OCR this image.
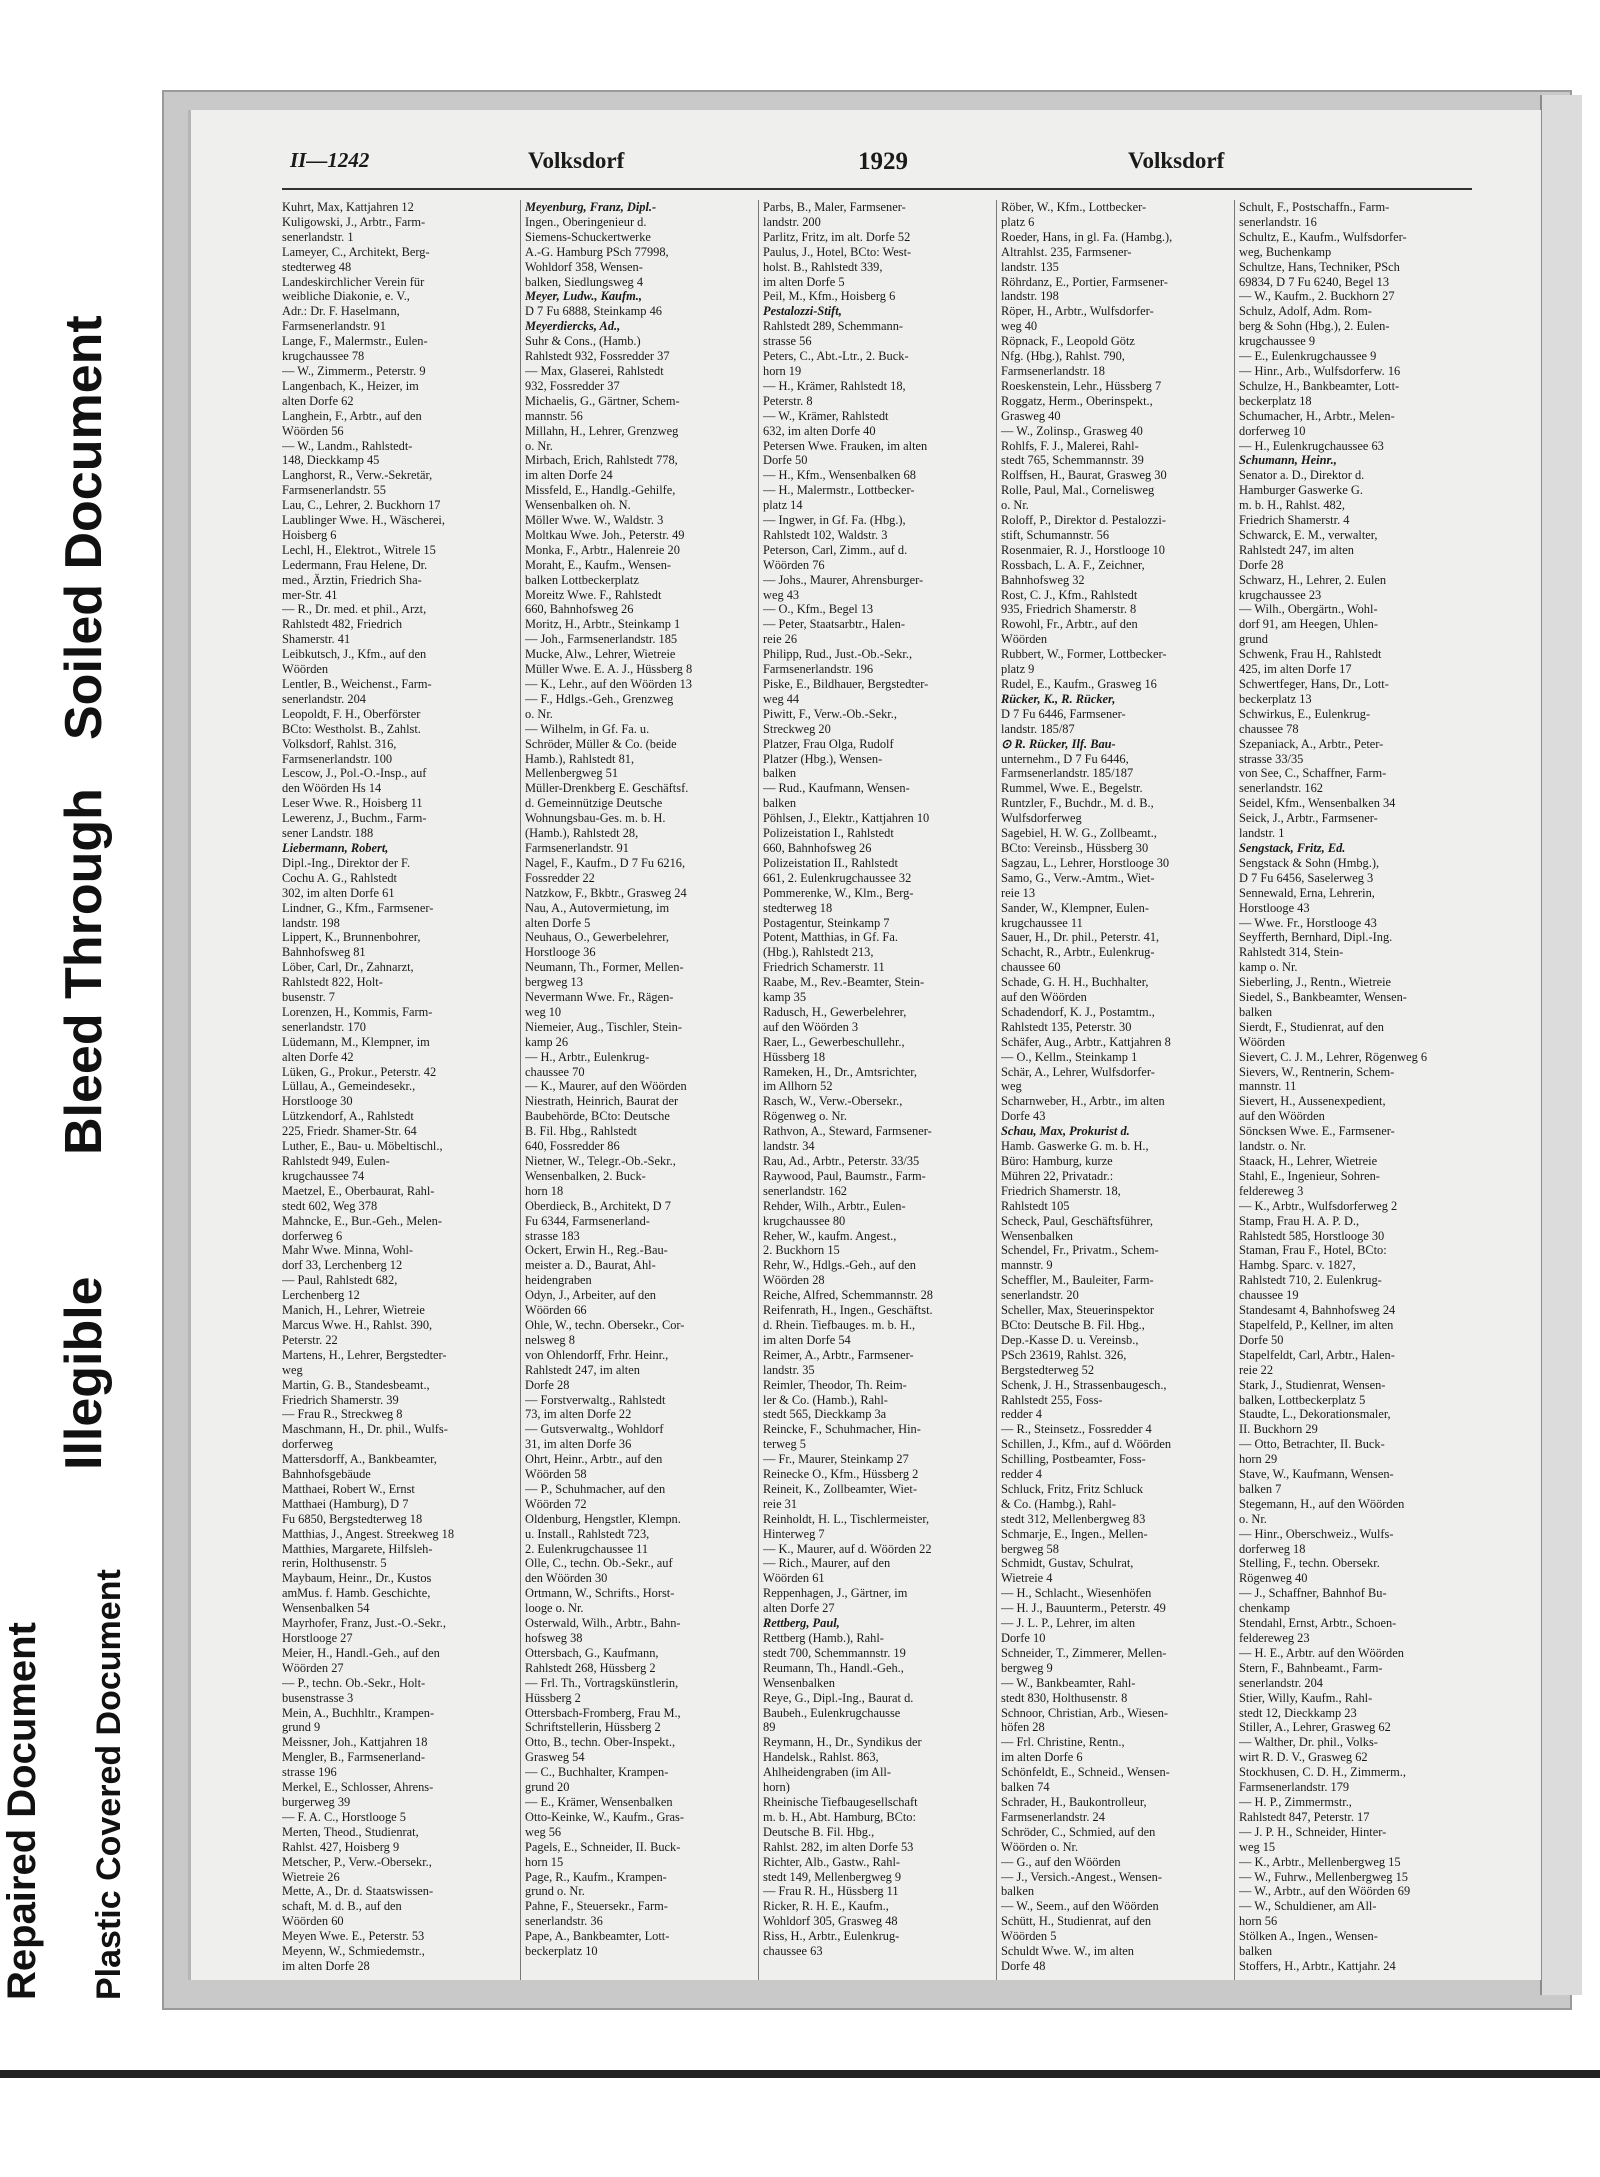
Repaired Document Plastic Covered Document
Illegible
Bleed Through
Soiled Document
II—1242	Volksdorf	1929	Volksdorf
Kuhrt, Max, Kattjahren 12
Kuligowski, J., Arbtr., Farm-
senerlandstr. 1
Lameyer, C., Architekt, Berg-
stedterweg 48
Landeskirchlicher Verein für
weibliche Diakonie, e. V.,
Adr.: Dr. F. Haselmann,
Farmsenerlandstr. 91
Lange, F., Malermstr., Eulen-
krugchaussee 78
— W., Zimmerm., Peterstr. 9
Langenbach, K., Heizer, im
alten Dorfe 62
Langhein, F., Arbtr., auf den
Wöörden 56
— W., Landm., Rahlstedt-
148, Dieckkamp 45
Langhorst, R., Verw.-Sekretär,
Farmsenerlandstr. 55
Lau, C., Lehrer, 2. Buckhorn 17
Laublinger Wwe. H., Wäscherei,
Hoisberg 6
Lechl, H., Elektrot., Witrele 15
Ledermann, Frau Helene, Dr.
med., Ärztin, Friedrich Sha-
mer-Str. 41
— R., Dr. med. et phil., Arzt,
Rahlstedt 482, Friedrich
Shamerstr. 41
Leibkutsch, J., Kfm., auf den
Wöörden
Lentler, B., Weichenst., Farm-
senerlandstr. 204
Leopoldt, F. H., Oberförster
BCto: Westholst. B., Zahlst.
Volksdorf, Rahlst. 316,
Farmsenerlandstr. 100
Lescow, J., Pol.-O.-Insp., auf
den Wöörden Hs 14
Leser Wwe. R., Hoisberg 11
Lewerenz, J., Buchm., Farm-
sener Landstr. 188
Liebermann, Robert,
Dipl.-Ing., Direktor der F.
Cochu A. G., Rahlstedt
302, im alten Dorfe 61
Lindner, G., Kfm., Farmsener-
landstr. 198
Lippert, K., Brunnenbohrer,
Bahnhofsweg 81
Löber, Carl, Dr., Zahnarzt,
Rahlstedt 822, Holt-
busenstr. 7
Lorenzen, H., Kommis, Farm-
senerlandstr. 170
Lüdemann, M., Klempner, im
alten Dorfe 42
Lüken, G., Prokur., Peterstr. 42
Lüllau, A., Gemeindesekr.,
Horstlooge 30
Lützkendorf, A., Rahlstedt
225, Friedr. Shamer-Str. 64
Luther, E., Bau- u. Möbeltischl.,
Rahlstedt 949, Eulen-
krugchaussee 74
Maetzel, E., Oberbaurat, Rahl-
stedt 602, Weg 378
Mahncke, E., Bur.-Geh., Melen-
dorferweg 6
Mahr Wwe. Minna, Wohl-
dorf 33, Lerchenberg 12
— Paul, Rahlstedt 682,
Lerchenberg 12
Manich, H., Lehrer, Wietreie
Marcus Wwe. H., Rahlst. 390,
Peterstr. 22
Martens, H., Lehrer, Bergstedter-
weg
Martin, G. B., Standesbeamt.,
Friedrich Shamerstr. 39
— Frau R., Streckweg 8
Maschmann, H., Dr. phil., Wulfs-
dorferweg
Mattersdorff, A., Bankbeamter,
Bahnhofsgebäude
Matthaei, Robert W., Ernst
Matthaei (Hamburg), D 7
Fu 6850, Bergstedterweg 18
Matthias, J., Angest. Streekweg 18
Matthies, Margarete, Hilfsleh-
rerin, Holthusenstr. 5
Maybaum, Heinr., Dr., Kustos
amMus. f. Hamb. Geschichte,
Wensenbalken 54
Mayrhofer, Franz, Just.-O.-Sekr.,
Horstlooge 27
Meier, H., Handl.-Geh., auf den
Wöörden 27
— P., techn. Ob.-Sekr., Holt-
busenstrasse 3
Mein, A., Buchhltr., Krampen-
grund 9
Meissner, Joh., Kattjahren 18
Mengler, B., Farmsenerland-
strasse 196
Merkel, E., Schlosser, Ahrens-
burgerweg 39
— F. A. C., Horstlooge 5
Merten, Theod., Studienrat,
Rahlst. 427, Hoisberg 9
Metscher, P., Verw.-Obersekr.,
Wietreie 26
Mette, A., Dr. d. Staatswissen-
schaft, M. d. B., auf den
Wöörden 60
Meyen Wwe. E., Peterstr. 53
Meyenn, W., Schmiedemstr.,
im alten Dorfe 28
Meyenburg, Franz, Dipl.-
Ingen., Oberingenieur d.
Siemens-Schuckertwerke
A.-G. Hamburg PSch 77998,
Wohldorf 358, Wensen-
balken, Siedlungsweg 4
Meyer, Ludw., Kaufm.,
D 7 Fu 6888, Steinkamp 46
Meyerdiercks, Ad.,
Suhr & Cons., (Hamb.)
Rahlstedt 932, Fossredder 37
— Max, Glaserei, Rahlstedt
932, Fossredder 37
Michaelis, G., Gärtner, Schem-
mannstr. 56
Millahn, H., Lehrer, Grenzweg
o. Nr.
Mirbach, Erich, Rahlstedt 778,
im alten Dorfe 24
Missfeld, E., Handlg.-Gehilfe,
Wensenbalken oh. N.
Möller Wwe. W., Waldstr. 3
Moltkau Wwe. Joh., Peterstr. 49
Monka, F., Arbtr., Halenreie 20
Moraht, E., Kaufm., Wensen-
balken Lottbeckerplatz
Moreitz Wwe. F., Rahlstedt
660, Bahnhofsweg 26
Moritz, H., Arbtr., Steinkamp 1
— Joh., Farmsenerlandstr. 185
Mucke, Alw., Lehrer, Wietreie
Müller Wwe. E. A. J., Hüssberg 8
— K., Lehr., auf den Wöörden 13
— F., Hdlgs.-Geh., Grenzweg
o. Nr.
— Wilhelm, in Gf. Fa. u.
Schröder, Müller & Co. (beide
Hamb.), Rahlstedt 81,
Mellenbergweg 51
Müller-Drenkberg E. Geschäftsf.
d. Gemeinnützige Deutsche
Wohnungsbau-Ges. m. b. H.
(Hamb.), Rahlstedt 28,
Farmsenerlandstr. 91
Nagel, F., Kaufm., D 7 Fu 6216,
Fossredder 22
Natzkow, F., Bkbtr., Grasweg 24
Nau, A., Autovermietung, im
alten Dorfe 5
Neuhaus, O., Gewerbelehrer,
Horstlooge 36
Neumann, Th., Former, Mellen-
bergweg 13
Nevermann Wwe. Fr., Rägen-
weg 10
Niemeier, Aug., Tischler, Stein-
kamp 26
— H., Arbtr., Eulenkrug-
chaussee 70
— K., Maurer, auf den Wöörden
Niestrath, Heinrich, Baurat der
Baubehörde, BCto: Deutsche
B. Fil. Hbg., Rahlstedt
640, Fossredder 86
Nietner, W., Telegr.-Ob.-Sekr.,
Wensenbalken, 2. Buck-
horn 18
Oberdieck, B., Architekt, D 7
Fu 6344, Farmsenerland-
strasse 183
Ockert, Erwin H., Reg.-Bau-
meister a. D., Baurat, Ahl-
heidengraben
Odyn, J., Arbeiter, auf den
Wöörden 66
Ohle, W., techn. Obersekr., Cor-
nelsweg 8
von Ohlendorff, Frhr. Heinr.,
Rahlstedt 247, im alten
Dorfe 28
— Forstverwaltg., Rahlstedt
73, im alten Dorfe 22
— Gutsverwaltg., Wohldorf
31, im alten Dorfe 36
Ohrt, Heinr., Arbtr., auf den
Wöörden 58
— P., Schuhmacher, auf den
Wöörden 72
Oldenburg, Hengstler, Klempn.
u. Install., Rahlstedt 723,
2. Eulenkrugchaussee 11
Olle, C., techn. Ob.-Sekr., auf
den Wöörden 30
Ortmann, W., Schrifts., Horst-
looge o. Nr.
Osterwald, Wilh., Arbtr., Bahn-
hofsweg 38
Ottersbach, G., Kaufmann,
Rahlstedt 268, Hüssberg 2
— Frl. Th., Vortragskünstlerin,
Hüssberg 2
Ottersbach-Fromberg, Frau M.,
Schriftstellerin, Hüssberg 2
Otto, B., techn. Ober-Inspekt.,
Grasweg 54
— C., Buchhalter, Krampen-
grund 20
— E., Krämer, Wensenbalken
Otto-Keinke, W., Kaufm., Gras-
weg 56
Pagels, E., Schneider, II. Buck-
horn 15
Page, R., Kaufm., Krampen-
grund o. Nr.
Pahne, F., Steuersekr., Farm-
senerlandstr. 36
Pape, A., Bankbeamter, Lott-
beckerplatz 10
Parbs, B., Maler, Farmsener-
landstr. 200
Parlitz, Fritz, im alt. Dorfe 52
Paulus, J., Hotel, BCto: West-
holst. B., Rahlstedt 339,
im alten Dorfe 5
Peil, M., Kfm., Hoisberg 6
Pestalozzi-Stift,
Rahlstedt 289, Schemmann-
strasse 56
Peters, C., Abt.-Ltr., 2. Buck-
horn 19
— H., Krämer, Rahlstedt 18,
Peterstr. 8
— W., Krämer, Rahlstedt
632, im alten Dorfe 40
Petersen Wwe. Frauken, im alten
Dorfe 50
— H., Kfm., Wensenbalken 68
— H., Malermstr., Lottbecker-
platz 14
— Ingwer, in Gf. Fa. (Hbg.),
Rahlstedt 102, Waldstr. 3
Peterson, Carl, Zimm., auf d.
Wöörden 76
— Johs., Maurer, Ahrensburger-
weg 43
— O., Kfm., Begel 13
— Peter, Staatsarbtr., Halen-
reie 26
Philipp, Rud., Just.-Ob.-Sekr.,
Farmsenerlandstr. 196
Piske, E., Bildhauer, Bergstedter-
weg 44
Piwitt, F., Verw.-Ob.-Sekr.,
Streckweg 20
Platzer, Frau Olga, Rudolf
Platzer (Hbg.), Wensen-
balken
— Rud., Kaufmann, Wensen-
balken
Pöhlsen, J., Elektr., Kattjahren 10
Polizeistation I., Rahlstedt
660, Bahnhofsweg 26
Polizeistation II., Rahlstedt
661, 2. Eulenkrugchaussee 32
Pommerenke, W., Klm., Berg-
stedterweg 18
Postagentur, Steinkamp 7
Potent, Matthias, in Gf. Fa.
(Hbg.), Rahlstedt 213,
Friedrich Schamerstr. 11
Raabe, M., Rev.-Beamter, Stein-
kamp 35
Radusch, H., Gewerbelehrer,
auf den Wöörden 3
Raer, L., Gewerbeschullehr.,
Hüssberg 18
Rameken, H., Dr., Amtsrichter,
im Allhorn 52
Rasch, W., Verw.-Obersekr.,
Rögenweg o. Nr.
Rathvon, A., Steward, Farmsener-
landstr. 34
Rau, Ad., Arbtr., Peterstr. 33/35
Raywood, Paul, Baumstr., Farm-
senerlandstr. 162
Rehder, Wilh., Arbtr., Eulen-
krugchaussee 80
Reher, W., kaufm. Angest.,
2. Buckhorn 15
Rehr, W., Hdlgs.-Geh., auf den
Wöörden 28
Reiche, Alfred, Schemmannstr. 28
Reifenrath, H., Ingen., Geschäftst.
d. Rhein. Tiefbauges. m. b. H.,
im alten Dorfe 54
Reimer, A., Arbtr., Farmsener-
landstr. 35
Reimler, Theodor, Th. Reim-
ler & Co. (Hamb.), Rahl-
stedt 565, Dieckkamp 3a
Reincke, F., Schuhmacher, Hin-
terweg 5
— Fr., Maurer, Steinkamp 27
Reinecke O., Kfm., Hüssberg 2
Reineit, K., Zollbeamter, Wiet-
reie 31
Reinholdt, H. L., Tischlermeister,
Hinterweg 7
— K., Maurer, auf d. Wöörden 22
— Rich., Maurer, auf den
Wöörden 61
Reppenhagen, J., Gärtner, im
alten Dorfe 27
Rettberg, Paul,
Rettberg (Hamb.), Rahl-
stedt 700, Schemmannstr. 19
Reumann, Th., Handl.-Geh.,
Wensenbalken
Reye, G., Dipl.-Ing., Baurat d.
Baubeh., Eulenkrugchausse
89
Reymann, H., Dr., Syndikus der
Handelsk., Rahlst. 863,
Ahlheidengraben (im All-
horn)
Rheinische Tiefbaugesellschaft
m. b. H., Abt. Hamburg, BCto:
Deutsche B. Fil. Hbg.,
Rahlst. 282, im alten Dorfe 53
Richter, Alb., Gastw., Rahl-
stedt 149, Mellenbergweg 9
— Frau R. H., Hüssberg 11
Ricker, R. H. E., Kaufm.,
Wohldorf 305, Grasweg 48
Riss, H., Arbtr., Eulenkrug-
chaussee 63
Röber, W., Kfm., Lottbecker-
platz 6
Roeder, Hans, in gl. Fa. (Hambg.),
Altrahlst. 235, Farmsener-
landstr. 135
Röhrdanz, E., Portier, Farmsener-
landstr. 198
Röper, H., Arbtr., Wulfsdorfer-
weg 40
Röpnack, F., Leopold Götz
Nfg. (Hbg.), Rahlst. 790,
Farmsenerlandstr. 18
Roeskenstein, Lehr., Hüssberg 7
Roggatz, Herm., Oberinspekt.,
Grasweg 40
— W., Zolinsp., Grasweg 40
Rohlfs, F. J., Malerei, Rahl-
stedt 765, Schemmannstr. 39
Rolffsen, H., Baurat, Grasweg 30
Rolle, Paul, Mal., Cornelisweg
o. Nr.
Roloff, P., Direktor d. Pestalozzi-
stift, Schumannstr. 56
Rosenmaier, R. J., Horstlooge 10
Rossbach, L. A. F., Zeichner,
Bahnhofsweg 32
Rost, C. J., Kfm., Rahlstedt
935, Friedrich Shamerstr. 8
Rowohl, Fr., Arbtr., auf den
Wöörden
Rubbert, W., Former, Lottbecker-
platz 9
Rudel, E., Kaufm., Grasweg 16
Rücker, K., R. Rücker,
D 7 Fu 6446, Farmsener-
landstr. 185/87
⊙ R. Rücker, Ilf. Bau-
unternehm., D 7 Fu 6446,
Farmsenerlandstr. 185/187
Rummel, Wwe. E., Begelstr.
Runtzler, F., Buchdr., M. d. B.,
Wulfsdorferweg
Sagebiel, H. W. G., Zollbeamt.,
BCto: Vereinsb., Hüssberg 30
Sagzau, L., Lehrer, Horstlooge 30
Samo, G., Verw.-Amtm., Wiet-
reie 13
Sander, W., Klempner, Eulen-
krugchaussee 11
Sauer, H., Dr. phil., Peterstr. 41,
Schacht, R., Arbtr., Eulenkrug-
chaussee 60
Schade, G. H. H., Buchhalter,
auf den Wöörden
Schadendorf, K. J., Postamtm.,
Rahlstedt 135, Peterstr. 30
Schäfer, Aug., Arbtr., Kattjahren 8
— O., Kellm., Steinkamp 1
Schär, A., Lehrer, Wulfsdorfer-
weg
Scharnweber, H., Arbtr., im alten
Dorfe 43
Schau, Max, Prokurist d.
Hamb. Gaswerke G. m. b. H.,
Büro: Hamburg, kurze
Mühren 22, Privatadr.:
Friedrich Shamerstr. 18,
Rahlstedt 105
Scheck, Paul, Geschäftsführer,
Wensenbalken
Schendel, Fr., Privatm., Schem-
mannstr. 9
Scheffler, M., Bauleiter, Farm-
senerlandstr. 20
Scheller, Max, Steuerinspektor
BCto: Deutsche B. Fil. Hbg.,
Dep.-Kasse D. u. Vereinsb.,
PSch 23619, Rahlst. 326,
Bergstedterweg 52
Schenk, J. H., Strassenbaugesch.,
Rahlstedt 255, Foss-
redder 4
— R., Steinsetz., Fossredder 4
Schillen, J., Kfm., auf d. Wöörden
Schilling, Postbeamter, Foss-
redder 4
Schluck, Fritz, Fritz Schluck
& Co. (Hambg.), Rahl-
stedt 312, Mellenbergweg 83
Schmarje, E., Ingen., Mellen-
bergweg 58
Schmidt, Gustav, Schulrat,
Wietreie 4
— H., Schlacht., Wiesenhöfen
— H. J., Bauunterm., Peterstr. 49
— J. L. P., Lehrer, im alten
Dorfe 10
Schneider, T., Zimmerer, Mellen-
bergweg 9
— W., Bankbeamter, Rahl-
stedt 830, Holthusenstr. 8
Schnoor, Christian, Arb., Wiesen-
höfen 28
— Frl. Christine, Rentn.,
im alten Dorfe 6
Schönfeldt, E., Schneid., Wensen-
balken 74
Schrader, H., Baukontrolleur,
Farmsenerlandstr. 24
Schröder, C., Schmied, auf den
Wöörden o. Nr.
— G., auf den Wöörden
— J., Versich.-Angest., Wensen-
balken
— W., Seem., auf den Wöörden
Schütt, H., Studienrat, auf den
Wöörden 5
Schuldt Wwe. W., im alten
Dorfe 48
Schult, F., Postschaffn., Farm-
senerlandstr. 16
Schultz, E., Kaufm., Wulfsdorfer-
weg, Buchenkamp
Schultze, Hans, Techniker, PSch
69834, D 7 Fu 6240, Begel 13
— W., Kaufm., 2. Buckhorn 27
Schulz, Adolf, Adm. Rom-
berg & Sohn (Hbg.), 2. Eulen-
krugchaussee 9
— E., Eulenkrugchaussee 9
— Hinr., Arb., Wulfsdorferw. 16
Schulze, H., Bankbeamter, Lott-
beckerplatz 18
Schumacher, H., Arbtr., Melen-
dorferweg 10
— H., Eulenkrugchaussee 63
Schumann, Heinr.,
Senator a. D., Direktor d.
Hamburger Gaswerke G.
m. b. H., Rahlst. 482,
Friedrich Shamerstr. 4
Schwarck, E. M., verwalter,
Rahlstedt 247, im alten
Dorfe 28
Schwarz, H., Lehrer, 2. Eulen
krugchaussee 23
— Wilh., Obergärtn., Wohl-
dorf 91, am Heegen, Uhlen-
grund
Schwenk, Frau H., Rahlstedt
425, im alten Dorfe 17
Schwertfeger, Hans, Dr., Lott-
beckerplatz 13
Schwirkus, E., Eulenkrug-
chaussee 78
Szepaniack, A., Arbtr., Peter-
strasse 33/35
von See, C., Schaffner, Farm-
senerlandstr. 162
Seidel, Kfm., Wensenbalken 34
Seick, J., Arbtr., Farmsener-
landstr. 1
Sengstack, Fritz, Ed.
Sengstack & Sohn (Hmbg.),
D 7 Fu 6456, Saselerweg 3
Sennewald, Erna, Lehrerin,
Horstlooge 43
— Wwe. Fr., Horstlooge 43
Seyfferth, Bernhard, Dipl.-Ing.
Rahlstedt 314, Stein-
kamp o. Nr.
Sieberling, J., Rentn., Wietreie
Siedel, S., Bankbeamter, Wensen-
balken
Sierdt, F., Studienrat, auf den
Wöörden
Sievert, C. J. M., Lehrer, Rögenweg 6
Sievers, W., Rentnerin, Schem-
mannstr. 11
Sievert, H., Aussenexpedient,
auf den Wöörden
Söncksen Wwe. E., Farmsener-
landstr. o. Nr.
Staack, H., Lehrer, Wietreie
Stahl, E., Ingenieur, Sohren-
feldereweg 3
— K., Arbtr., Wulfsdorferweg 2
Stamp, Frau H. A. P. D.,
Rahlstedt 585, Horstlooge 30
Staman, Frau F., Hotel, BCto:
Hambg. Sparc. v. 1827,
Rahlstedt 710, 2. Eulenkrug-
chaussee 19
Standesamt 4, Bahnhofsweg 24
Stapelfeld, P., Kellner, im alten
Dorfe 50
Stapelfeldt, Carl, Arbtr., Halen-
reie 22
Stark, J., Studienrat, Wensen-
balken, Lottbeckerplatz 5
Staudte, L., Dekorationsmaler,
II. Buckhorn 29
— Otto, Betrachter, II. Buck-
horn 29
Stave, W., Kaufmann, Wensen-
balken 7
Stegemann, H., auf den Wöörden
o. Nr.
— Hinr., Oberschweiz., Wulfs-
dorferweg 18
Stelling, F., techn. Obersekr.
Rögenweg 40
— J., Schaffner, Bahnhof Bu-
chenkamp
Stendahl, Ernst, Arbtr., Schoen-
feldereweg 23
— H. E., Arbtr. auf den Wöörden
Stern, F., Bahnbeamt., Farm-
senerlandstr. 204
Stier, Willy, Kaufm., Rahl-
stedt 12, Dieckkamp 23
Stiller, A., Lehrer, Grasweg 62
— Walther, Dr. phil., Volks-
wirt R. D. V., Grasweg 62
Stockhusen, C. D. H., Zimmerm.,
Farmsenerlandstr. 179
— H. P., Zimmermstr.,
Rahlstedt 847, Peterstr. 17
— J. P. H., Schneider, Hinter-
weg 15
— K., Arbtr., Mellenbergweg 15
— W., Fuhrw., Mellenbergweg 15
— W., Arbtr., auf den Wöörden 69
— W., Schuldiener, am All-
horn 56
Stölken A., Ingen., Wensen-
balken
Stoffers, H., Arbtr., Kattjahr. 24
